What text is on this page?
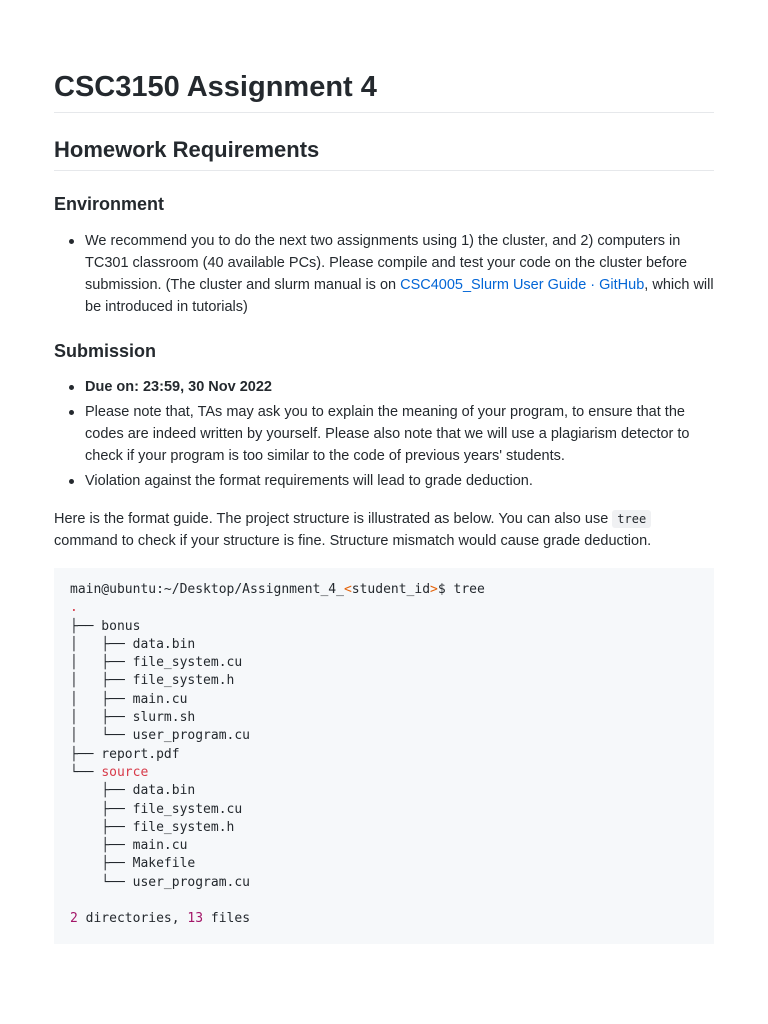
CSC3150 Assignment 4
Homework Requirements
Environment
We recommend you to do the next two assignments using 1) the cluster, and 2) computers in TC301 classroom (40 available PCs). Please compile and test your code on the cluster before submission. (The cluster and slurm manual is on CSC4005_Slurm User Guide · GitHub, which will be introduced in tutorials)
Submission
Due on: 23:59, 30 Nov 2022
Please note that, TAs may ask you to explain the meaning of your program, to ensure that the codes are indeed written by yourself. Please also note that we will use a plagiarism detector to check if your program is too similar to the code of previous years' students.
Violation against the format requirements will lead to grade deduction.

Here is the format guide. The project structure is illustrated as below. You can also use tree command to check if your structure is fine. Structure mismatch would cause grade deduction.

main@ubuntu:~/Desktop/Assignment_4_<student_id>$ tree
.
├── bonus
│   ├── data.bin
│   ├── file_system.cu
│   ├── file_system.h
│   ├── main.cu
│   ├── slurm.sh
│   └── user_program.cu
├── report.pdf
└── source
├── data.bin
├── file_system.cu
├── file_system.h
├── main.cu
├── Makefile
└── user_program.cu

2 directories, 13 files
